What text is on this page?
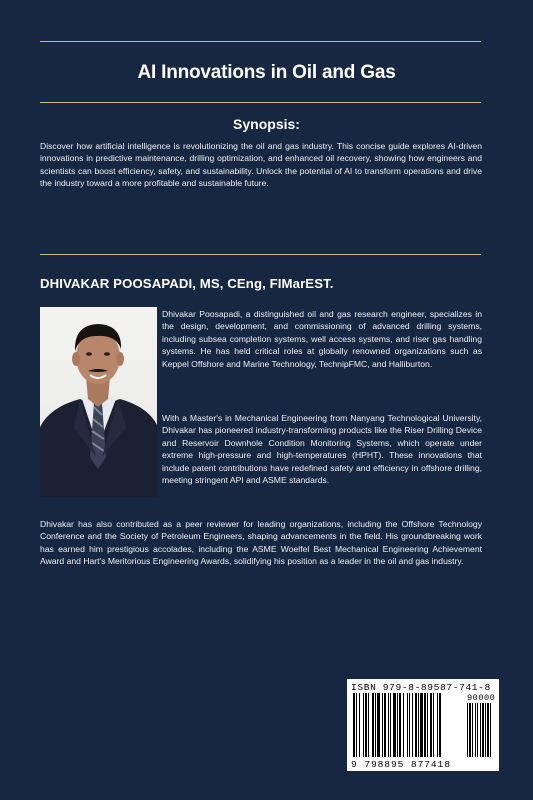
AI Innovations in Oil and Gas
Synopsis:
Discover how artificial intelligence is revolutionizing the oil and gas industry. This concise guide explores AI-driven innovations in predictive maintenance, drilling optimization, and enhanced oil recovery, showing how engineers and scientists can boost efficiency, safety, and sustainability. Unlock the potential of AI to transform operations and drive the industry toward a more profitable and sustainable future.
DHIVAKAR POOSAPADI, MS, CEng, FIMarEST.

Dhivakar Poosapadi, a distinguished oil and gas research engineer, specializes in the design, development, and commissioning of advanced drilling systems, including subsea completion systems, well access systems, and riser gas handling systems. He has held critical roles at globally renowned organizations such as Keppel Offshore and Marine Technology, TechnipFMC, and Halliburton.

With a Master's in Mechanical Engineering from Nanyang Technological University, Dhivakar has pioneered industry-transforming products like the Riser Drilling Device and Reservoir Downhole Condition Monitoring Systems, which operate under extreme high-pressure and high-temperatures (HPHT). These innovations that include patent contributions have redefined safety and efficiency in offshore drilling, meeting stringent API and ASME standards.

Dhivakar has also contributed as a peer reviewer for leading organizations, including the Offshore Technology Conference and the Society of Petroleum Engineers, shaping advancements in the field. His groundbreaking work has earned him prestigious accolades, including the ASME Woelfel Best Mechanical Engineering Achievement Award and Hart's Meritorious Engineering Awards, solidifying his position as a leader in the oil and gas industry.

ISBN 979-8-89587-741-8
90000
9 798895 877418
